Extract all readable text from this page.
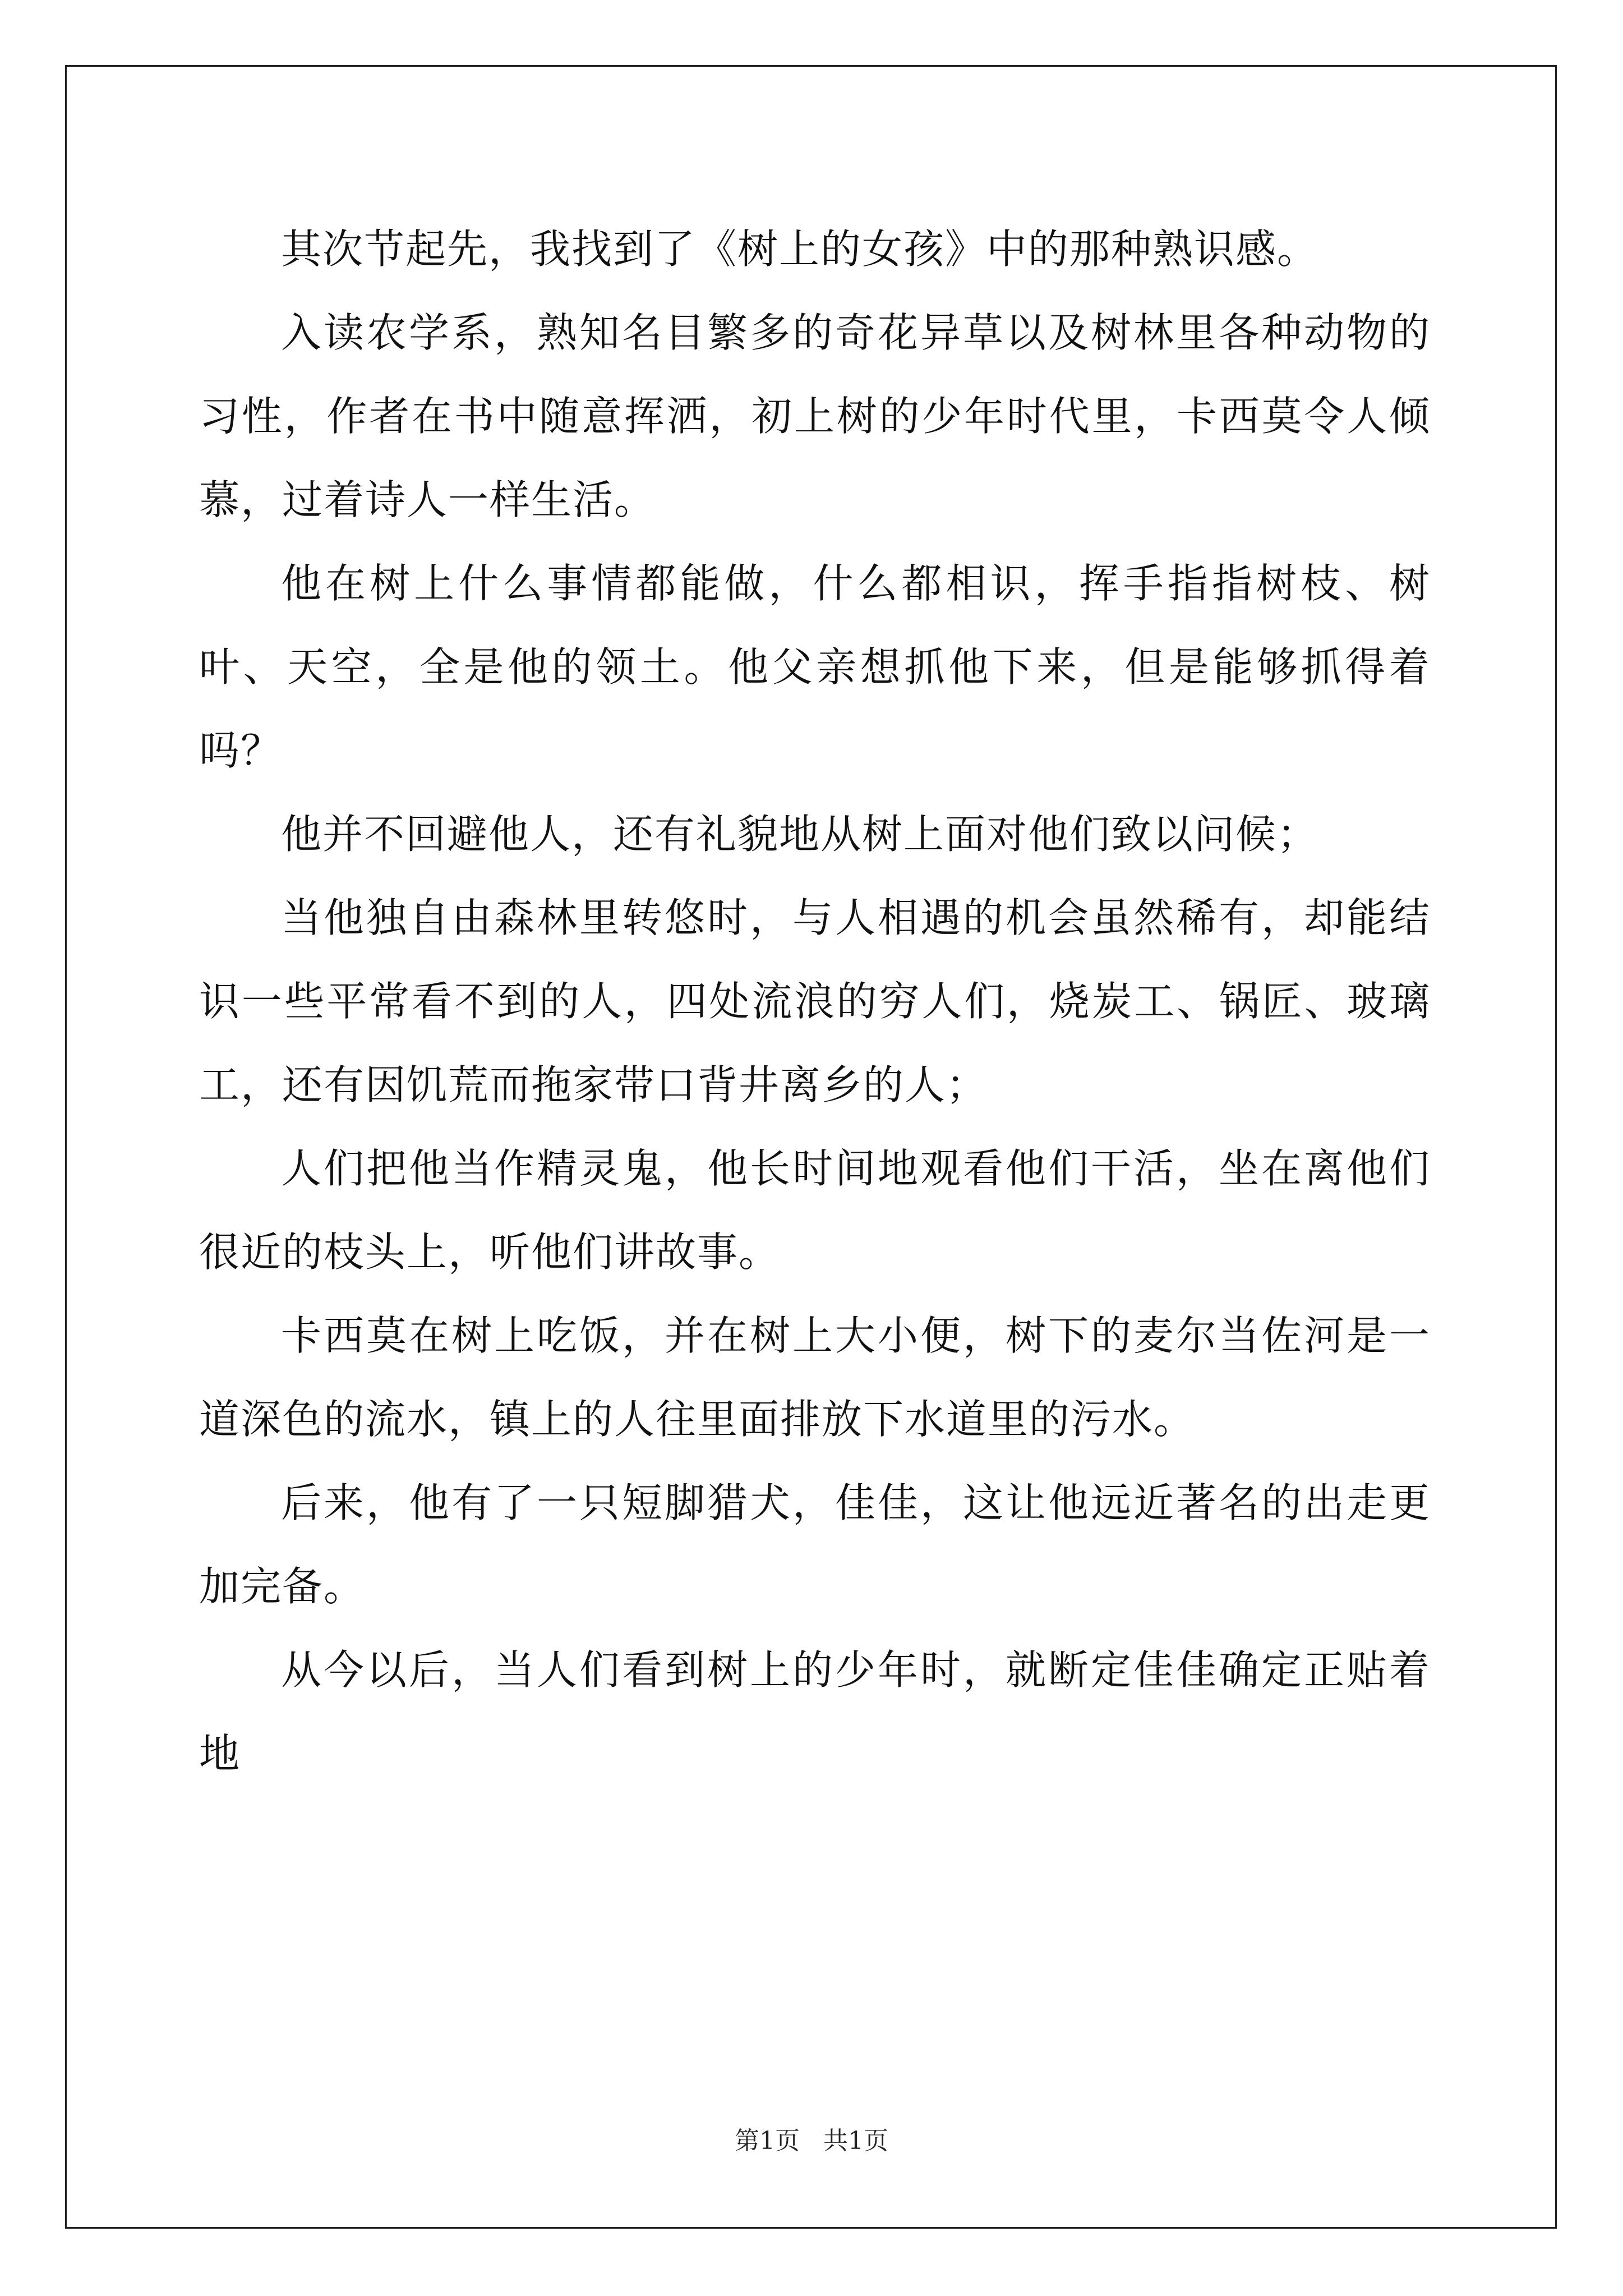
其次节起先，我找到了《树上的女孩》中的那种熟识感。

入读农学系，熟知名目繁多的奇花异草以及树林里各种动物的习性，作者在书中随意挥洒，初上树的少年时代里，卡西莫令人倾慕，过着诗人一样生活。

他在树上什么事情都能做，什么都相识，挥手指指树枝、树叶、天空，全是他的领土。他父亲想抓他下来，但是能够抓得着吗？

他并不回避他人，还有礼貌地从树上面对他们致以问候；

当他独自由森林里转悠时，与人相遇的机会虽然稀有，却能结识一些平常看不到的人，四处流浪的穷人们，烧炭工、锅匠、玻璃工，还有因饥荒而拖家带口背井离乡的人；

人们把他当作精灵鬼，他长时间地观看他们干活，坐在离他们很近的枝头上，听他们讲故事。

卡西莫在树上吃饭，并在树上大小便，树下的麦尔当佐河是一道深色的流水，镇上的人往里面排放下水道里的污水。

后来，他有了一只短脚猎犬，佳佳，这让他远近著名的出走更加完备。

从今以后，当人们看到树上的少年时，就断定佳佳确定正贴着地

第1页 共1页
